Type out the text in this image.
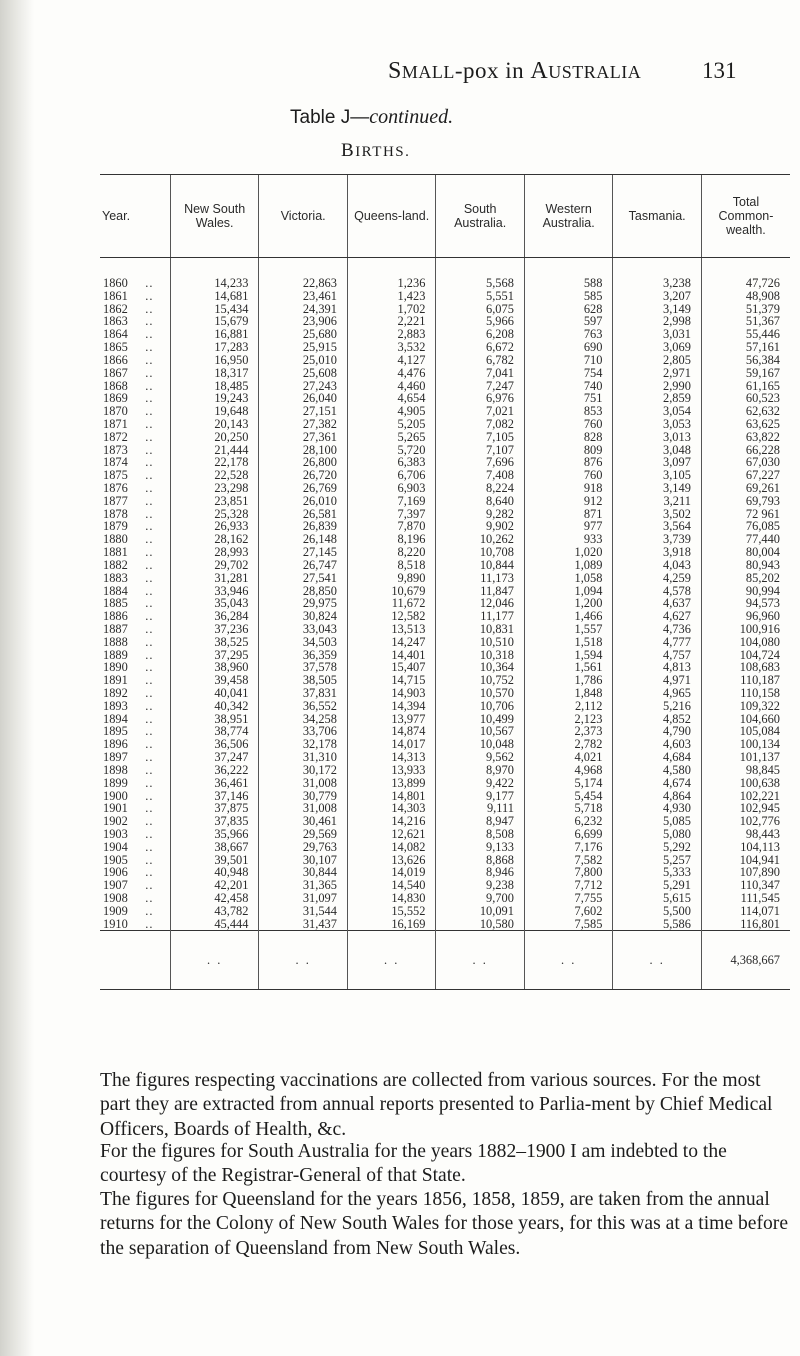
SMALL-pox in AUSTRALIA	131
Table J—continued.
BIRTHS.
Year.		New South Wales.	Victoria.	Queens-land.	South Australia.	Western Australia.	Tasmania.	Total Common-wealth.

1860	..	14,233	22,863	1,236	5,568	588	3,238	47,726
1861	..	14,681	23,461	1,423	5,551	585	3,207	48,908
1862	..	15,434	24,391	1,702	6,075	628	3,149	51,379
1863	..	15,679	23,906	2,221	5,966	597	2,998	51,367
1864	..	16,881	25,680	2,883	6,208	763	3,031	55,446
1865	..	17,283	25,915	3,532	6,672	690	3,069	57,161
1866	..	16,950	25,010	4,127	6,782	710	2,805	56,384
1867	..	18,317	25,608	4,476	7,041	754	2,971	59,167
1868	..	18,485	27,243	4,460	7,247	740	2,990	61,165
1869	..	19,243	26,040	4,654	6,976	751	2,859	60,523
1870	..	19,648	27,151	4,905	7,021	853	3,054	62,632
1871	..	20,143	27,382	5,205	7,082	760	3,053	63,625
1872	..	20,250	27,361	5,265	7,105	828	3,013	63,822
1873	..	21,444	28,100	5,720	7,107	809	3,048	66,228
1874	..	22,178	26,800	6,383	7,696	876	3,097	67,030
1875	..	22,528	26,720	6,706	7,408	760	3,105	67,227
1876	..	23,298	26,769	6,903	8,224	918	3,149	69,261
1877	..	23,851	26,010	7,169	8,640	912	3,211	69,793
1878	..	25,328	26,581	7,397	9,282	871	3,502	72 961
1879	..	26,933	26,839	7,870	9,902	977	3,564	76,085
1880	..	28,162	26,148	8,196	10,262	933	3,739	77,440
1881	..	28,993	27,145	8,220	10,708	1,020	3,918	80,004
1882	..	29,702	26,747	8,518	10,844	1,089	4,043	80,943
1883	..	31,281	27,541	9,890	11,173	1,058	4,259	85,202
1884	..	33,946	28,850	10,679	11,847	1,094	4,578	90,994
1885	..	35,043	29,975	11,672	12,046	1,200	4,637	94,573
1886	..	36,284	30,824	12,582	11,177	1,466	4,627	96,960
1887	..	37,236	33,043	13,513	10,831	1,557	4,736	100,916
1888	..	38,525	34,503	14,247	10,510	1,518	4,777	104,080
1889	..	37,295	36,359	14,401	10,318	1,594	4,757	104,724
1890	..	38,960	37,578	15,407	10,364	1,561	4,813	108,683
1891	..	39,458	38,505	14,715	10,752	1,786	4,971	110,187
1892	..	40,041	37,831	14,903	10,570	1,848	4,965	110,158
1893	..	40,342	36,552	14,394	10,706	2,112	5,216	109,322
1894	..	38,951	34,258	13,977	10,499	2,123	4,852	104,660
1895	..	38,774	33,706	14,874	10,567	2,373	4,790	105,084
1896	..	36,506	32,178	14,017	10,048	2,782	4,603	100,134
1897	..	37,247	31,310	14,313	9,562	4,021	4,684	101,137
1898	..	36,222	30,172	13,933	8,970	4,968	4,580	98,845
1899	..	36,461	31,008	13,899	9,422	5,174	4,674	100,638
1900	..	37,146	30,779	14,801	9,177	5,454	4,864	102,221
1901	..	37,875	31,008	14,303	9,111	5,718	4,930	102,945
1902	..	37,835	30,461	14,216	8,947	6,232	5,085	102,776
1903	..	35,966	29,569	12,621	8,508	6,699	5,080	98,443
1904	..	38,667	29,763	14,082	9,133	7,176	5,292	104,113
1905	..	39,501	30,107	13,626	8,868	7,582	5,257	104,941
1906	..	40,948	30,844	14,019	8,946	7,800	5,333	107,890
1907	..	42,201	31,365	14,540	9,238	7,712	5,291	110,347
1908	..	42,458	31,097	14,830	9,700	7,755	5,615	111,545
1909	..	43,782	31,544	15,552	10,091	7,602	5,500	114,071
1910	..	45,444	31,437	16,169	10,580	7,585	5,586	116,801
		. .	. .	. .	. .	. .	. .	4,368,667

The figures respecting vaccinations are collected from various sources. For the most part they are extracted from annual reports presented to Parlia-ment by Chief Medical Officers, Boards of Health, &c.

For the figures for South Australia for the years 1882–1900 I am indebted to the courtesy of the Registrar-General of that State.

The figures for Queensland for the years 1856, 1858, 1859, are taken from the annual returns for the Colony of New South Wales for those years, for this was at a time before the separation of Queensland from New South Wales.
